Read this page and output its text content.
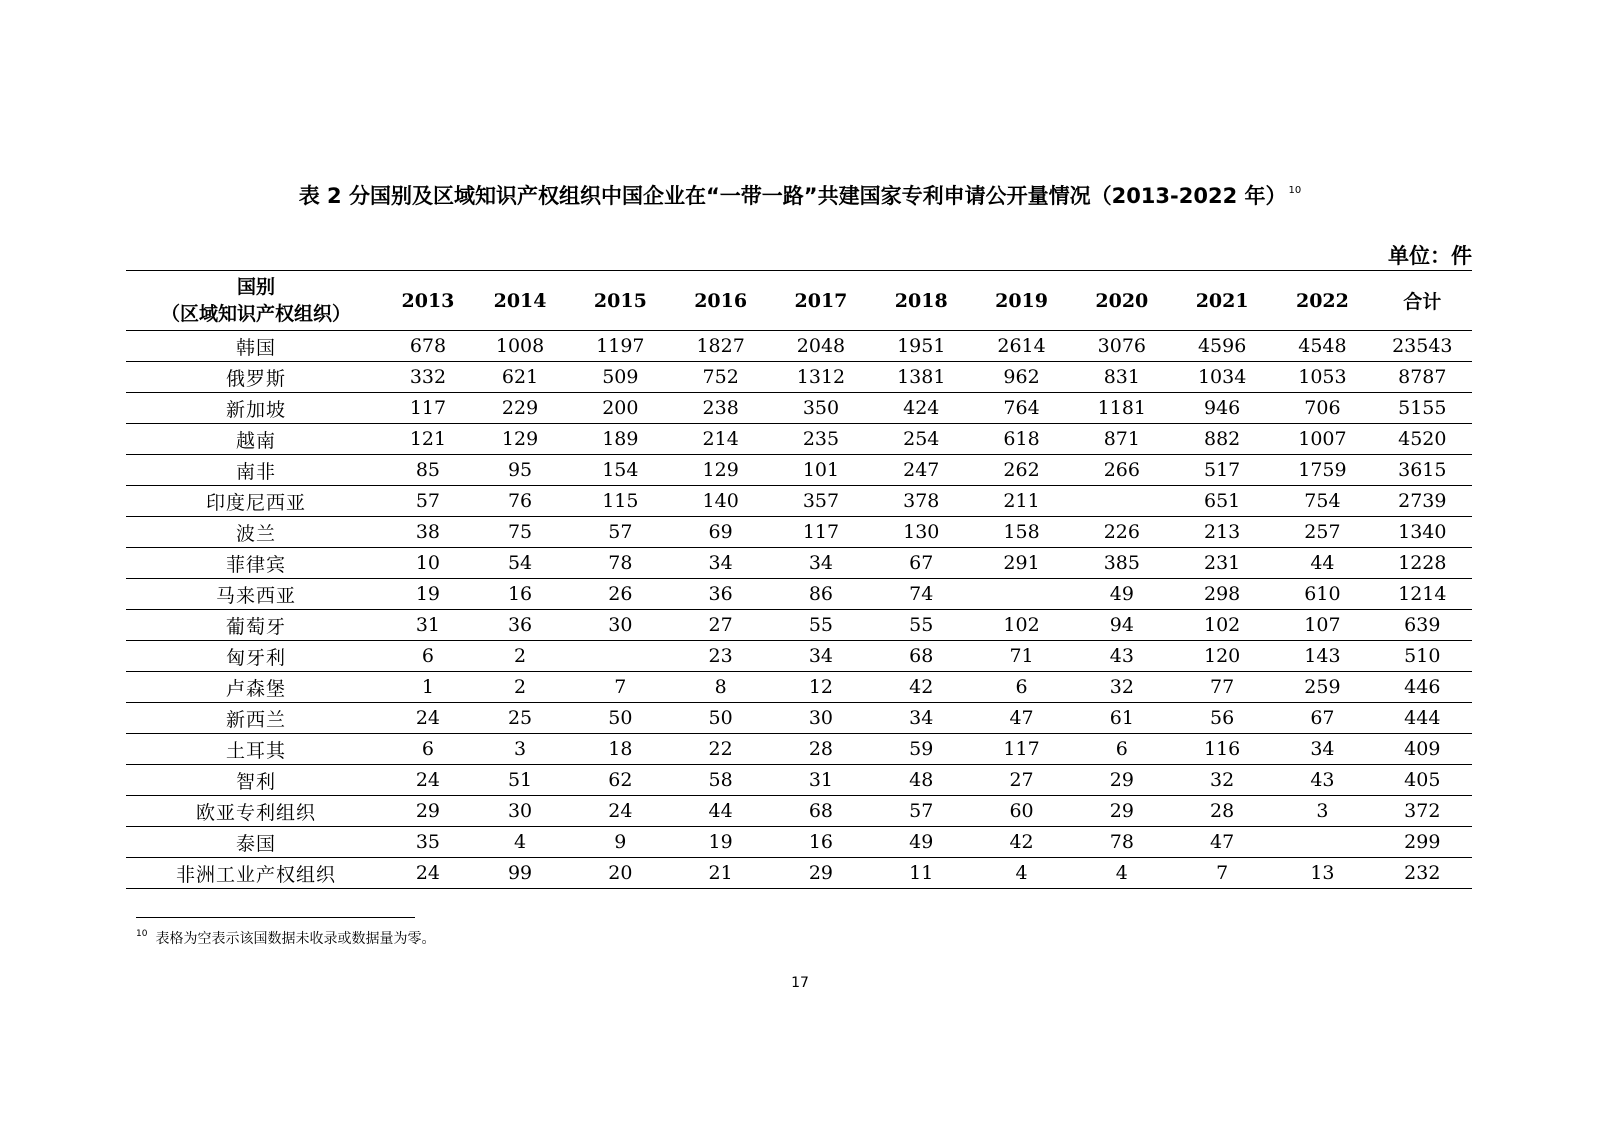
表 2 分国别及区域知识产权组织中国企业在“一带一路”共建国家专利申请公开量情况（2013-2022 年） $^{10}$
单位：件
国别
（区域知识产权组织）	2013	2014	2015	2016	2017	2018	2019	2020	2021	2022	合计
韩国	678	1008	1197	1827	2048	1951	2614	3076	4596	4548	23543
俄罗斯	332	621	509	752	1312	1381	962	831	1034	1053	8787
新加坡	117	229	200	238	350	424	764	1181	946	706	5155
越南	121	129	189	214	235	254	618	871	882	1007	4520
南非	85	95	154	129	101	247	262	266	517	1759	3615
印度尼西亚	57	76	115	140	357	378	211		651	754	2739
波兰	38	75	57	69	117	130	158	226	213	257	1340
菲律宾	10	54	78	34	34	67	291	385	231	44	1228
马来西亚	19	16	26	36	86	74		49	298	610	1214
葡萄牙	31	36	30	27	55	55	102	94	102	107	639
匈牙利	6	2		23	34	68	71	43	120	143	510
卢森堡	1	2	7	8	12	42	6	32	77	259	446
新西兰	24	25	50	50	30	34	47	61	56	67	444
土耳其	6	3	18	22	28	59	117	6	116	34	409
智利	24	51	62	58	31	48	27	29	32	43	405
欧亚专利组织	29	30	24	44	68	57	60	29	28	3	372
泰国	35	4	9	19	16	49	42	78	47		299
非洲工业产权组织	24	99	20	21	29	11	4	4	7	13	232
$^{10}$ 表格为空表示该国数据未收录或数据量为零。
17
